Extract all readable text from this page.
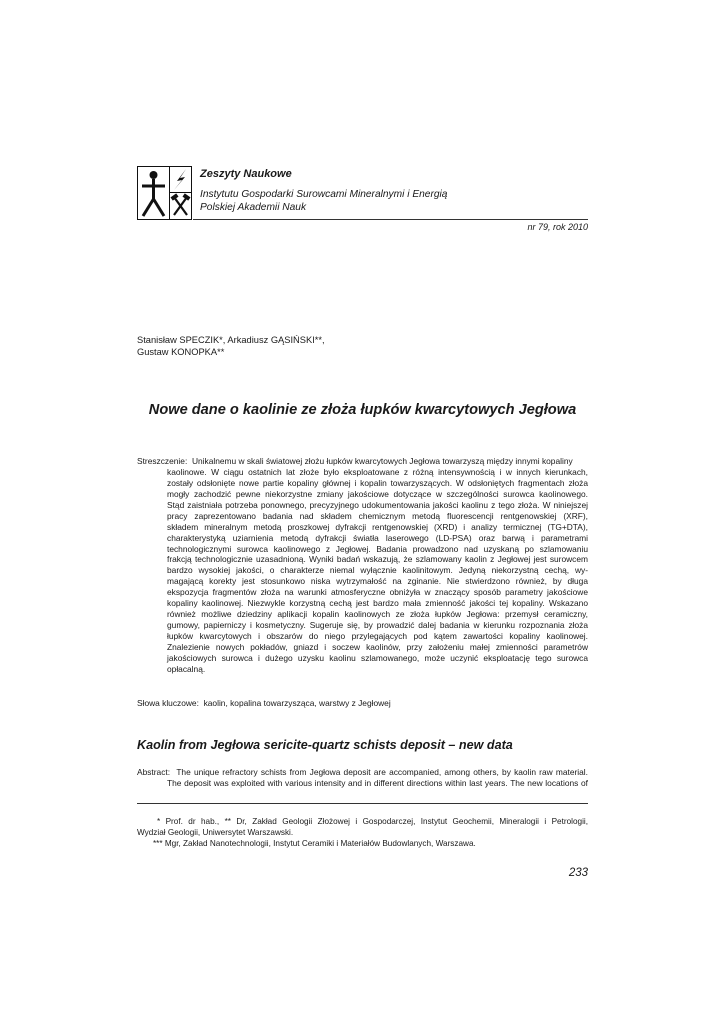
Zeszyty Naukowe
Instytutu Gospodarki Surowcami Mineralnymi i Energią
Polskiej Akademii Nauk
nr 79, rok 2010
Stanisław SPECZIK*, Arkadiusz GĄSIŃSKI**,
Gustaw KONOPKA**
Nowe dane o kaolinie ze złoża łupków kwarcytowych Jegłowa
Streszczenie: Unikalnemu w skali światowej złożu łupków kwarcytowych Jegłowa towarzyszą między innymi kopaliny
kaolinowe. W ciągu ostatnich lat złoże było eksploatowane z różną intensywnością i w innych kierunkach,
zostały odsłonięte nowe partie kopaliny głównej i kopalin towarzyszących. W odsłoniętych fragmentach złoża
mogły zachodzić pewne niekorzystne zmiany jakościowe dotyczące w szczególności surowca kaolinowego.
Stąd zaistniała potrzeba ponownego, precyzyjnego udokumentowania jakości kaolinu z tego złoża. W niniejszej
pracy zaprezentowano badania nad składem chemicznym metodą fluorescencji rentgenowskiej (XRF),
składem mineralnym metodą proszkowej dyfrakcji rentgenowskiej (XRD) i analizy termicznej (TG+DTA),
charakterystyką uziarnienia metodą dyfrakcji światła laserowego (LD-PSA) oraz barwą i parametrami
technologicznymi surowca kaolinowego z Jegłowej. Badania prowadzono nad uzyskaną po szlamowaniu
frakcją technologicznie uzasadnioną. Wyniki badań wskazują, że szlamowany kaolin z Jegłowej jest surowcem
bardzo wysokiej jakości, o charakterze niemal wyłącznie kaolinitowym. Jedyną niekorzystną cechą, wy-
magającą korekty jest stosunkowo niska wytrzymałość na zginanie. Nie stwierdzono również, by długa
ekspozycja fragmentów złoża na warunki atmosferyczne obniżyła w znaczący sposób parametry jakościowe
kopaliny kaolinowej. Niezwykle korzystną cechą jest bardzo mała zmienność jakości tej kopaliny. Wskazano
również możliwe dziedziny aplikacji kopalin kaolinowych ze złoża łupków Jegłowa: przemysł ceramiczny,
gumowy, papierniczy i kosmetyczny. Sugeruje się, by prowadzić dalej badania w kierunku rozpoznania złoża
łupków kwarcytowych i obszarów do niego przylegających pod kątem zawartości kopaliny kaolinowej.
Znalezienie nowych pokładów, gniazd i soczew kaolinów, przy założeniu małej zmienności parametrów
jakościowych surowca i dużego uzysku kaolinu szlamowanego, może uczynić eksploatację tego surowca
opłacalną.
Słowa kluczowe: kaolin, kopalina towarzysząca, warstwy z Jegłowej
Kaolin from Jegłowa sericite-quartz schists deposit – new data
Abstract: The unique refractory schists from Jegłowa deposit are accompanied, among others, by kaolin raw material.
The deposit was exploited with various intensity and in different directions within last years. The new locations of
* Prof. dr hab., ** Dr, Zakład Geologii Złożowej i Gospodarczej, Instytut Geochemii, Mineralogii i Petrologii,
Wydział Geologii, Uniwersytet Warszawski.
*** Mgr, Zakład Nanotechnologii, Instytut Ceramiki i Materiałów Budowlanych, Warszawa.
233
